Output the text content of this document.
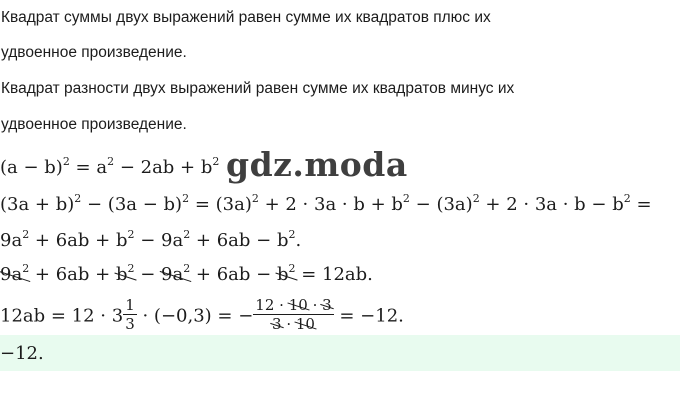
Квадрат суммы двух выражений равен сумме их квадратов плюс их
удвоенное произведение.
Квадрат разности двух выражений равен сумме их квадратов минус их
удвоенное произведение.
$(a - b)^2 = a^2 - 2ab + b^2$ gdz.moda
$(3a + b)^2 - (3a - b)^2 = (3a)^2 + 2 \cdot 3a \cdot b + b^2 - (3a)^2 + 2 \cdot 3a \cdot b - b^2$ =
$9a^2 + 6ab + b^2 - 9a^2 + 6ab - b^2$.
$9a^2 + 6ab + b^2 - 9a^2 + 6ab - b^2 = 12ab$.
$12ab = 12 \cdot 3 \frac{1}{3} \cdot (-0,3)$ = − $\frac{12 \cdot 10 \cdot 3}{3 \cdot 10} = -12$.
−12.
